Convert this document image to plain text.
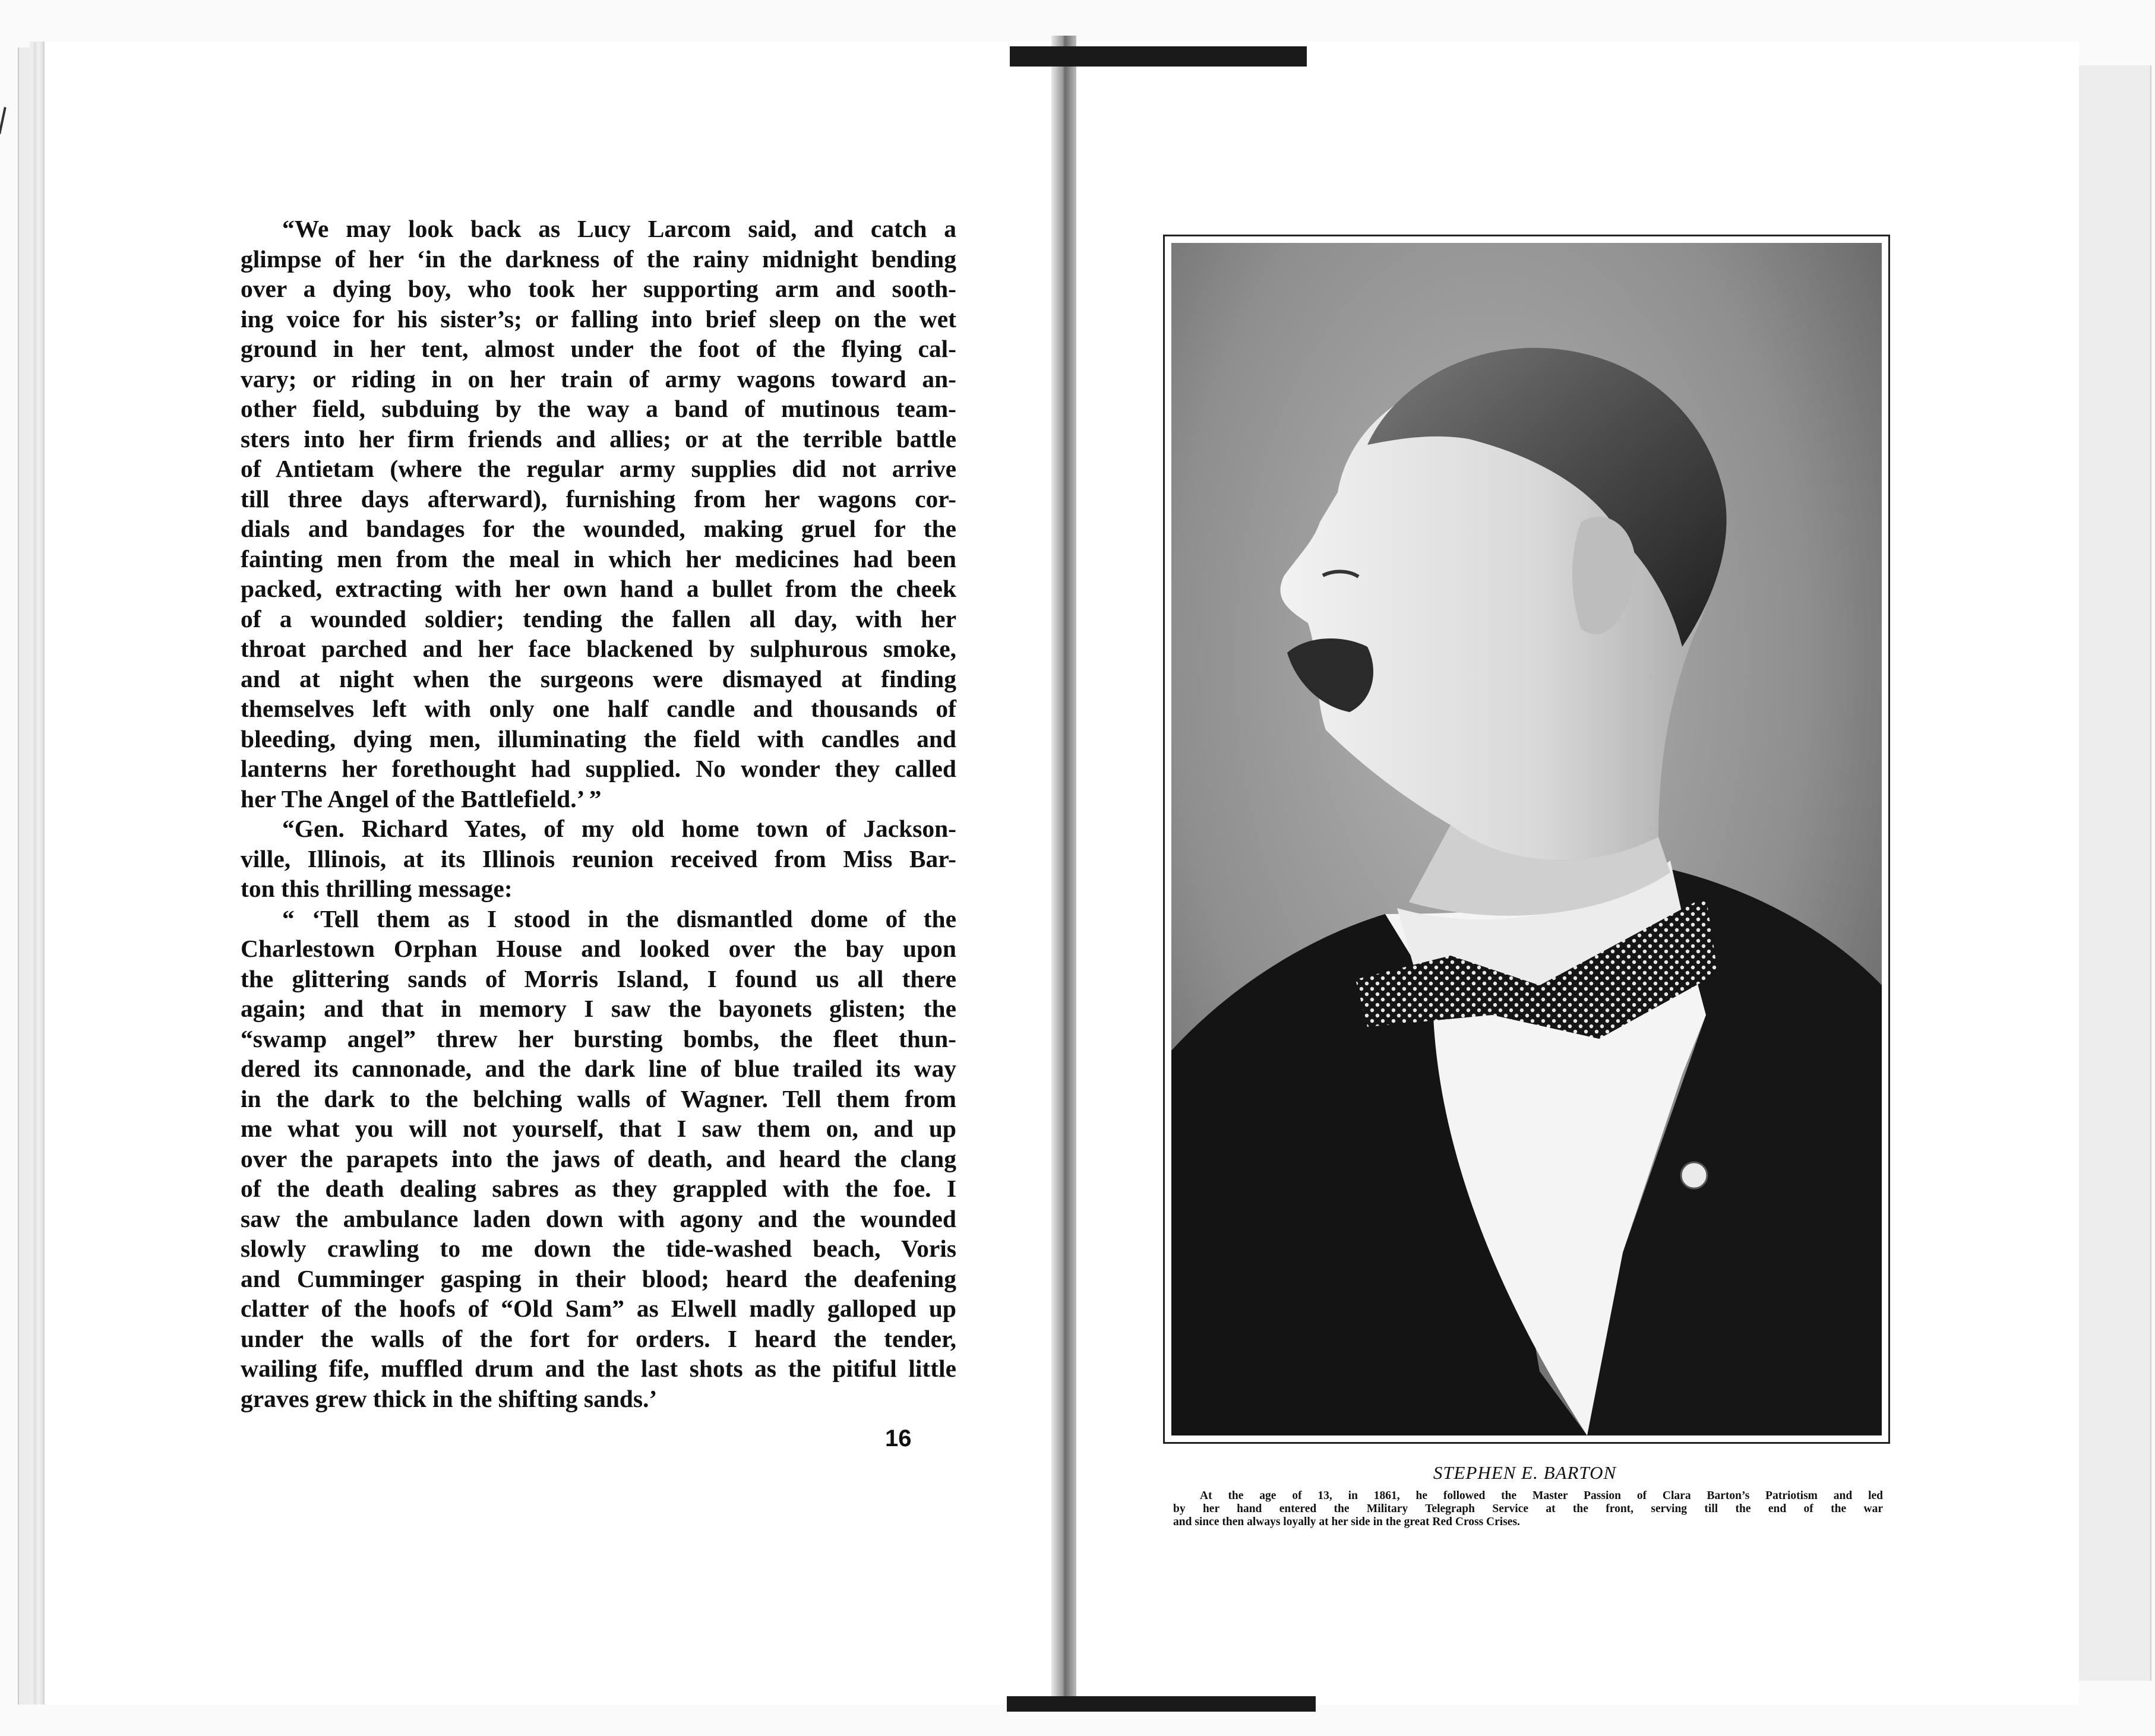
“We may look back as Lucy Larcom said, and catch a
glimpse of her ‘in the darkness of the rainy midnight bending
over a dying boy, who took her supporting arm and sooth-
ing voice for his sister’s; or falling into brief sleep on the wet
ground in her tent, almost under the foot of the flying cal-
vary; or riding in on her train of army wagons toward an-
other field, subduing by the way a band of mutinous team-
sters into her firm friends and allies; or at the terrible battle
of Antietam (where the regular army supplies did not arrive
till three days afterward), furnishing from her wagons cor-
dials and bandages for the wounded, making gruel for the
fainting men from the meal in which her medicines had been
packed, extracting with her own hand a bullet from the cheek
of a wounded soldier; tending the fallen all day, with her
throat parched and her face blackened by sulphurous smoke,
and at night when the surgeons were dismayed at finding
themselves left with only one half candle and thousands of
bleeding, dying men, illuminating the field with candles and
lanterns her forethought had supplied. No wonder they called
her The Angel of the Battlefield.’ ”

“Gen. Richard Yates, of my old home town of Jackson-
ville, Illinois, at its Illinois reunion received from Miss Bar-
ton this thrilling message:

“ ‘Tell them as I stood in the dismantled dome of the
Charlestown Orphan House and looked over the bay upon
the glittering sands of Morris Island, I found us all there
again; and that in memory I saw the bayonets glisten; the
“swamp angel” threw her bursting bombs, the fleet thun-
dered its cannonade, and the dark line of blue trailed its way
in the dark to the belching walls of Wagner. Tell them from
me what you will not yourself, that I saw them on, and up
over the parapets into the jaws of death, and heard the clang
of the death dealing sabres as they grappled with the foe. I
saw the ambulance laden down with agony and the wounded
slowly crawling to me down the tide-washed beach, Voris
and Cumminger gasping in their blood; heard the deafening
clatter of the hoofs of “Old Sam” as Elwell madly galloped up
under the walls of the fort for orders. I heard the tender,
wailing fife, muffled drum and the last shots as the pitiful little
graves grew thick in the shifting sands.’

16
STEPHEN E. BARTON
At the age of 13, in 1861, he followed the Master Passion of Clara Barton’s Patriotism and led
by her hand entered the Military Telegraph Service at the front, serving till the end of the war
and since then always loyally at her side in the great Red Cross Crises.
